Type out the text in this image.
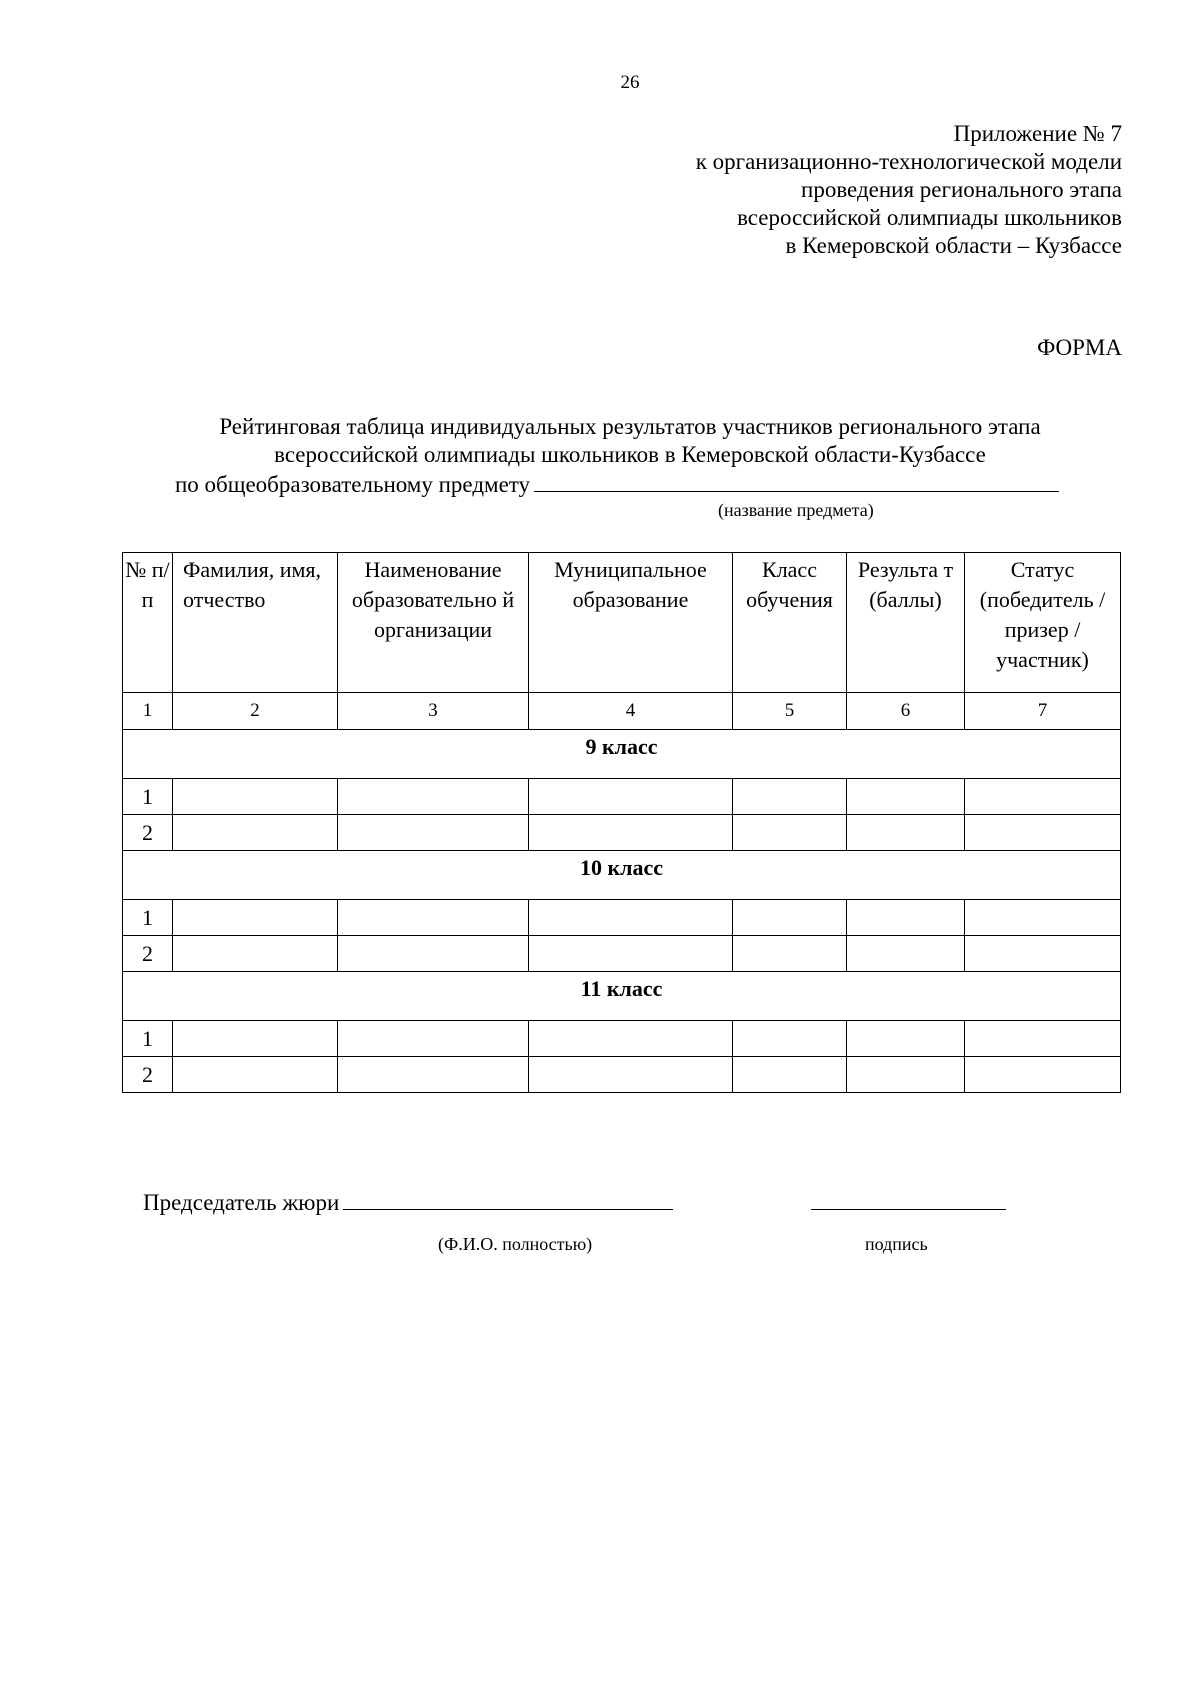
26
Приложение № 7
к организационно-технологической модели
проведения регионального этапа
всероссийской олимпиады школьников
в Кемеровской области – Кузбассе
ФОРМА
Рейтинговая таблица индивидуальных результатов участников регионального этапа
всероссийской олимпиады школьников в Кемеровской области-Кузбассе
по общеобразовательному предмету
(название предмета)
№ п/п	Фамилия, имя, отчество	Наименование образовательно й организации	Муниципальное образование	Класс обучения	Результа т (баллы)	Статус (победитель / призер / участник)
1	2	3	4	5	6	7
9 класс						
1						
2						
10 класс						
1						
2						
11 класс						
1						
2						
Председатель жюри
(Ф.И.О. полностью)	подпись
